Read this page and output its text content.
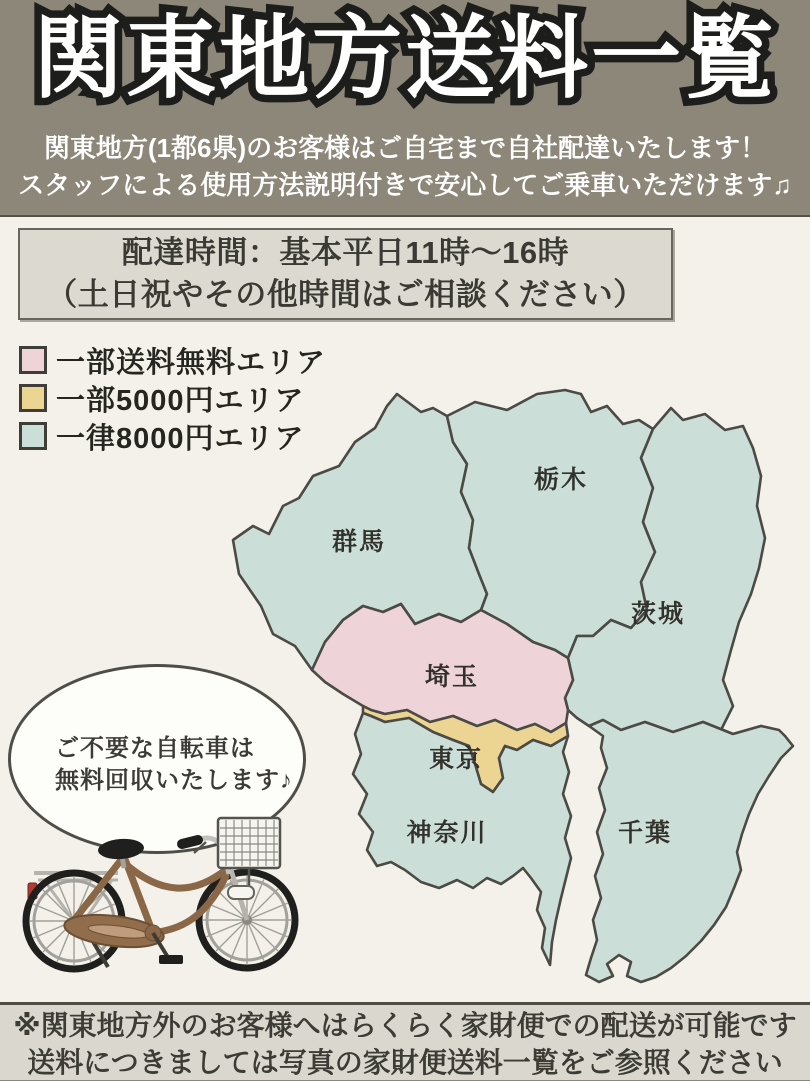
関東地方送料一覧 関東地方送料一覧
関東地方(1都6県)のお客様はご自宅まで自社配達いたします！
スタッフによる使用方法説明付きで安心してご乗車いただけます♫
配達時間：基本平日11時～16時
（土日祝やその他時間はご相談ください）
一部送料無料エリア
一部5000円エリア
一律8000円エリア
群馬
栃木
茨城
埼玉
東京
神奈川	千葉
ご不要な自転車は
無料回収いたします♪
※関東地方外のお客様へはらくらく家財便での配送が可能です
送料につきましては写真の家財便送料一覧をご参照ください
